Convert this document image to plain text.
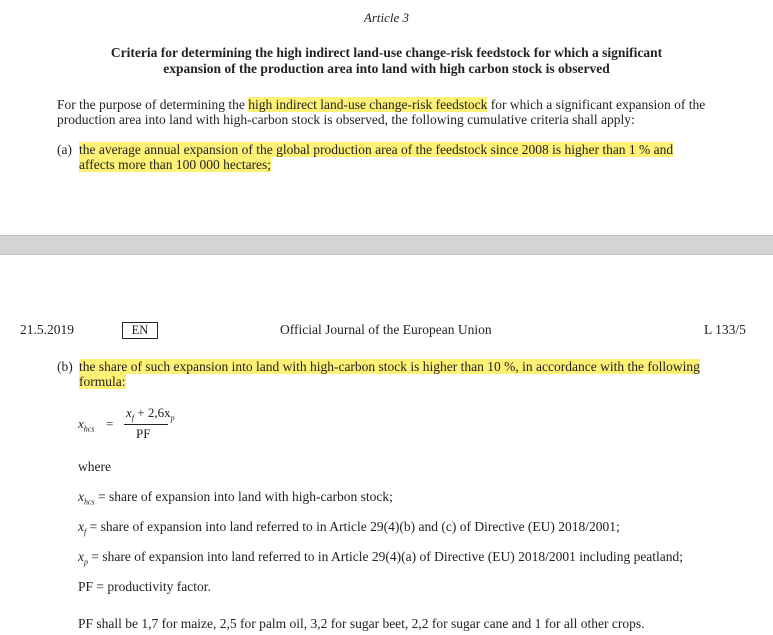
Article 3
Criteria for determining the high indirect land-use change-risk feedstock for which a significant
expansion of the production area into land with high carbon stock is observed
For the purpose of determining the high indirect land-use change-risk feedstock for which a significant expansion of the
production area into land with high-carbon stock is observed, the following cumulative criteria shall apply:
(a) the average annual expansion of the global production area of the feedstock since 2008 is higher than 1 % and
affects more than 100 000 hectares;
21.5.2019	EN	Official Journal of the European Union	L 133/5
(b) the share of such expansion into land with high-carbon stock is higher than 10 %, in accordance with the following
formula:
$x_{hcs}$ =
$x_f + 2,6x_p$
PF
where
$x_{hcs}$ = share of expansion into land with high-carbon stock;
$x_f$ = share of expansion into land referred to in Article 29(4)(b) and (c) of Directive (EU) 2018/2001;
$x_p$ = share of expansion into land referred to in Article 29(4)(a) of Directive (EU) 2018/2001 including peatland;
PF = productivity factor.
PF shall be 1,7 for maize, 2,5 for palm oil, 3,2 for sugar beet, 2,2 for sugar cane and 1 for all other crops.
